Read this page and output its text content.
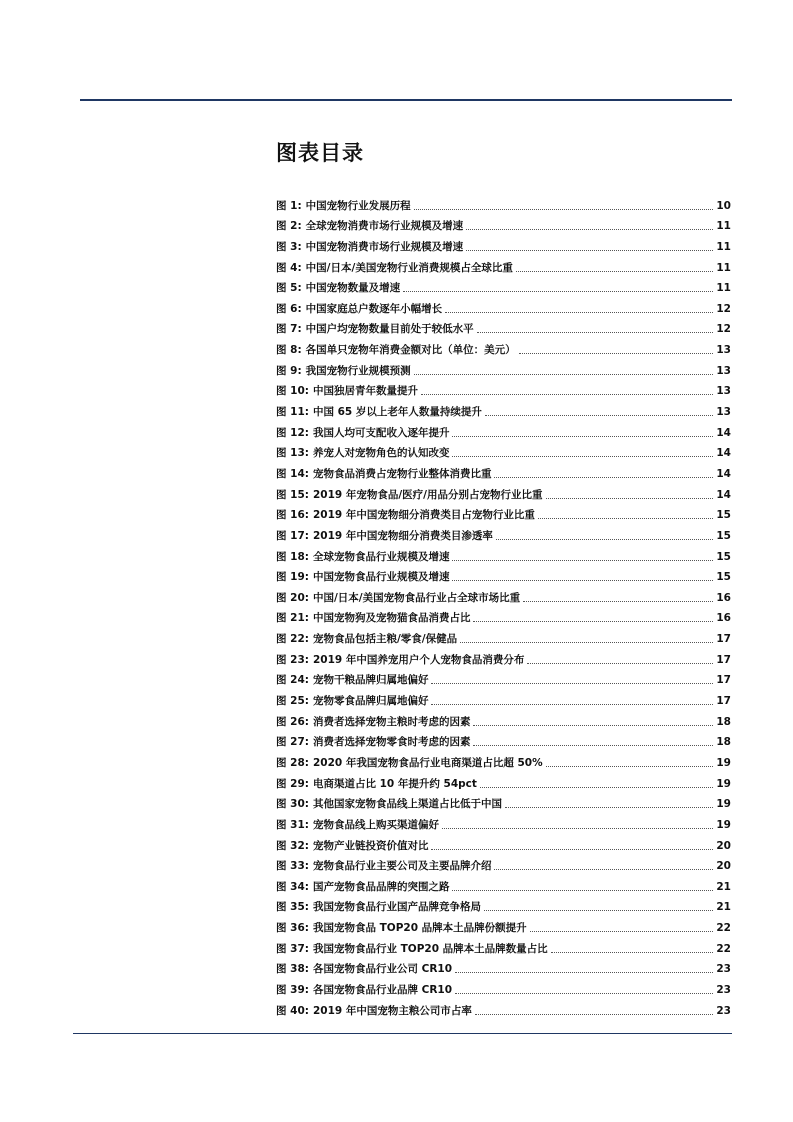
图表目录
图 1: 中国宠物行业发展历程	10
图 2: 全球宠物消费市场行业规模及增速	11
图 3: 中国宠物消费市场行业规模及增速	11
图 4: 中国/日本/美国宠物行业消费规模占全球比重	11
图 5: 中国宠物数量及增速	11
图 6: 中国家庭总户数逐年小幅增长	12
图 7: 中国户均宠物数量目前处于较低水平	12
图 8: 各国单只宠物年消费金额对比（单位：美元）	13
图 9: 我国宠物行业规模预测	13
图 10: 中国独居青年数量提升	13
图 11: 中国 65 岁以上老年人数量持续提升	13
图 12: 我国人均可支配收入逐年提升	14
图 13: 养宠人对宠物角色的认知改变	14
图 14: 宠物食品消费占宠物行业整体消费比重	14
图 15: 2019 年宠物食品/医疗/用品分别占宠物行业比重	14
图 16: 2019 年中国宠物细分消费类目占宠物行业比重	15
图 17: 2019 年中国宠物细分消费类目渗透率	15
图 18: 全球宠物食品行业规模及增速	15
图 19: 中国宠物食品行业规模及增速	15
图 20: 中国/日本/美国宠物食品行业占全球市场比重	16
图 21: 中国宠物狗及宠物猫食品消费占比	16
图 22: 宠物食品包括主粮/零食/保健品	17
图 23: 2019 年中国养宠用户个人宠物食品消费分布	17
图 24: 宠物干粮品牌归属地偏好	17
图 25: 宠物零食品牌归属地偏好	17
图 26: 消费者选择宠物主粮时考虑的因素	18
图 27: 消费者选择宠物零食时考虑的因素	18
图 28: 2020 年我国宠物食品行业电商渠道占比超 50%	19
图 29: 电商渠道占比 10 年提升约 54pct	19
图 30: 其他国家宠物食品线上渠道占比低于中国	19
图 31: 宠物食品线上购买渠道偏好	19
图 32: 宠物产业链投资价值对比	20
图 33: 宠物食品行业主要公司及主要品牌介绍	20
图 34: 国产宠物食品品牌的突围之路	21
图 35: 我国宠物食品行业国产品牌竞争格局	21
图 36: 我国宠物食品 TOP20 品牌本土品牌份额提升	22
图 37: 我国宠物食品行业 TOP20 品牌本土品牌数量占比	22
图 38: 各国宠物食品行业公司 CR10	23
图 39: 各国宠物食品行业品牌 CR10	23
图 40: 2019 年中国宠物主粮公司市占率	23
